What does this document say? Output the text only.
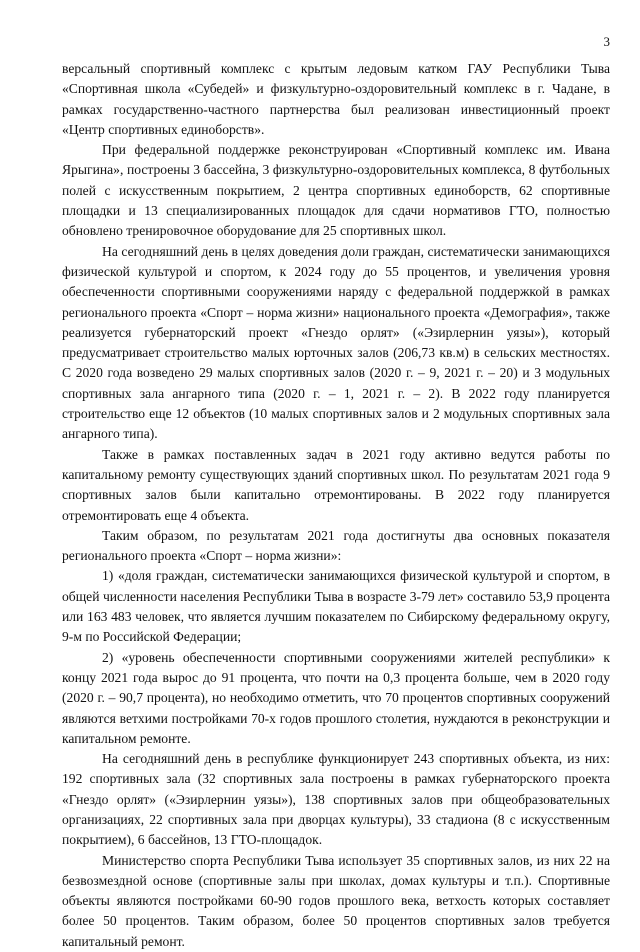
3

версальный спортивный комплекс с крытым ледовым катком ГАУ Республики Тыва «Спортивная школа «Субедей» и физкультурно-оздоровительный комплекс в г. Чадане, в рамках государственно-частного партнерства был реализован инвестиционный проект «Центр спортивных единоборств».

При федеральной поддержке реконструирован «Спортивный комплекс им. Ивана Ярыгина», построены 3 бассейна, 3 физкультурно-оздоровительных комплекса, 8 футбольных полей с искусственным покрытием, 2 центра спортивных единоборств, 62 спортивные площадки и 13 специализированных площадок для сдачи нормативов ГТО, полностью обновлено тренировочное оборудование для 25 спортивных школ.

На сегодняшний день в целях доведения доли граждан, систематически занимающихся физической культурой и спортом, к 2024 году до 55 процентов, и увеличения уровня обеспеченности спортивными сооружениями наряду с федеральной поддержкой в рамках регионального проекта «Спорт – норма жизни» национального проекта «Демография», также реализуется губернаторский проект «Гнездо орлят» («Эзирлернин уязы»), который предусматривает строительство малых юрточных залов (206,73 кв.м) в сельских местностях. С 2020 года возведено 29 малых спортивных залов (2020 г. – 9, 2021 г. – 20) и 3 модульных спортивных зала ангарного типа (2020 г. – 1, 2021 г. – 2). В 2022 году планируется строительство еще 12 объектов (10 малых спортивных залов и 2 модульных спортивных зала ангарного типа).

Также в рамках поставленных задач в 2021 году активно ведутся работы по капитальному ремонту существующих зданий спортивных школ. По результатам 2021 года 9 спортивных залов были капитально отремонтированы. В 2022 году планируется отремонтировать еще 4 объекта.

Таким образом, по результатам 2021 года достигнуты два основных показателя регионального проекта «Спорт – норма жизни»:

1) «доля граждан, систематически занимающихся физической культурой и спортом, в общей численности населения Республики Тыва в возрасте 3-79 лет» составило 53,9 процента или 163 483 человек, что является лучшим показателем по Сибирскому федеральному округу, 9-м по Российской Федерации;

2) «уровень обеспеченности спортивными сооружениями жителей республики» к концу 2021 года вырос до 91 процента, что почти на 0,3 процента больше, чем в 2020 году (2020 г. – 90,7 процента), но необходимо отметить, что 70 процентов спортивных сооружений являются ветхими постройками 70-х годов прошлого столетия, нуждаются в реконструкции и капитальном ремонте.

На сегодняшний день в республике функционирует 243 спортивных объекта, из них: 192 спортивных зала (32 спортивных зала построены в рамках губернаторского проекта «Гнездо орлят» («Эзирлернин уязы»), 138 спортивных залов при общеобразовательных организациях, 22 спортивных зала при дворцах культуры), 33 стадиона (8 с искусственным покрытием), 6 бассейнов, 13 ГТО-площадок.

Министерство спорта Республики Тыва использует 35 спортивных залов, из них 22 на безвозмездной основе (спортивные залы при школах, домах культуры и т.п.). Спортивные объекты являются постройками 60-90 годов прошлого века, ветхость которых составляет более 50 процентов. Таким образом, более 50 процентов спортивных залов требуется капитальный ремонт.
